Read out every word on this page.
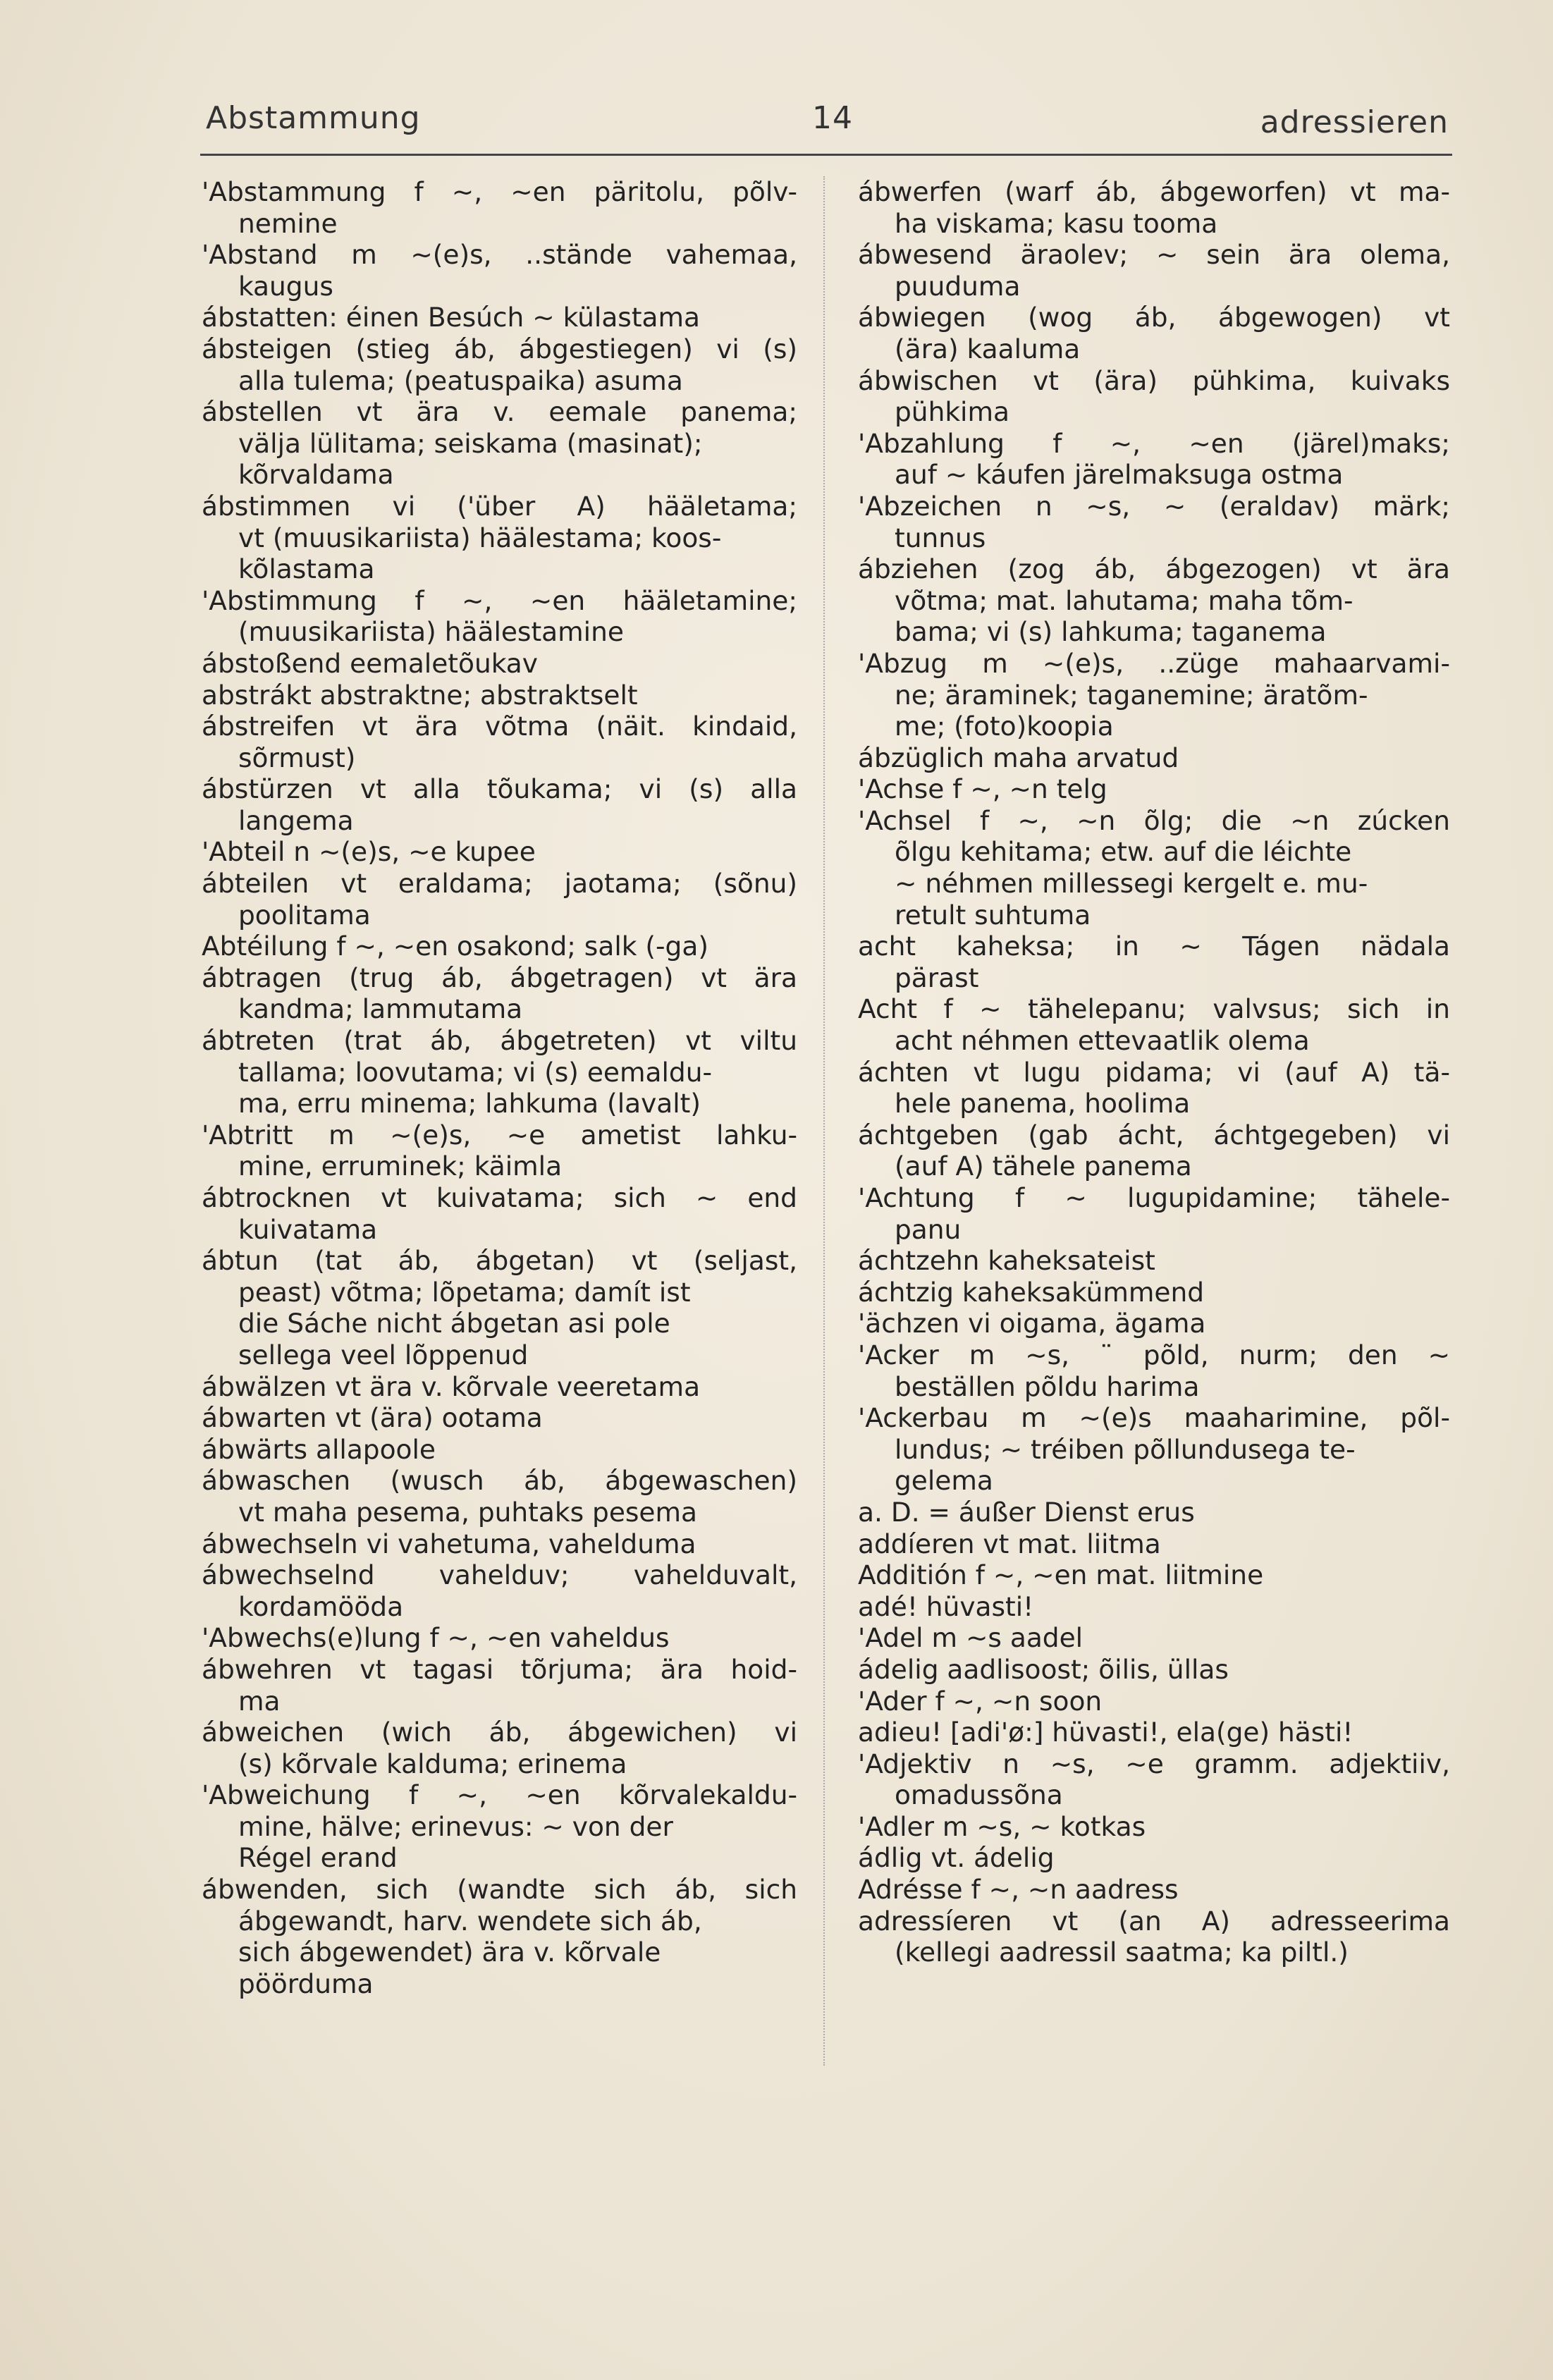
Abstammung	14	adressieren
'Abstammung f ~, ~en päritolu, põlv-
nemine
'Abstand m ~(e)s, ..stände vahemaa,
kaugus
ábstatten: éinen Besúch ~ külastama
ábsteigen (stieg áb, ábgestiegen) vi (s)
alla tulema; (peatuspaika) asuma
ábstellen vt ära v. eemale panema;
välja lülitama; seiskama (masinat);
kõrvaldama
ábstimmen vi ('über A) hääletama;
vt (muusikariista) häälestama; koos-
kõlastama
'Abstimmung f ~, ~en hääletamine;
(muusikariista) häälestamine
ábstoßend eemaletõukav
abstrákt abstraktne; abstraktselt
ábstreifen vt ära võtma (näit. kindaid,
sõrmust)
ábstürzen vt alla tõukama; vi (s) alla
langema
'Abteil n ~(e)s, ~e kupee
ábteilen vt eraldama; jaotama; (sõnu)
poolitama
Abtéilung f ~, ~en osakond; salk (-ga)
ábtragen (trug áb, ábgetragen) vt ära
kandma; lammutama
ábtreten (trat áb, ábgetreten) vt viltu
tallama; loovutama; vi (s) eemaldu-
ma, erru minema; lahkuma (lavalt)
'Abtritt m ~(e)s, ~e ametist lahku-
mine, erruminek; käimla
ábtrocknen vt kuivatama; sich ~ end
kuivatama
ábtun (tat áb, ábgetan) vt (seljast,
peast) võtma; lõpetama; damít ist
die Sáche nicht ábgetan asi pole
sellega veel lõppenud
ábwälzen vt ära v. kõrvale veeretama
ábwarten vt (ära) ootama
ábwärts allapoole
ábwaschen (wusch áb, ábgewaschen)
vt maha pesema, puhtaks pesema
ábwechseln vi vahetuma, vahelduma
ábwechselnd vahelduv; vahelduvalt,
kordamööda
'Abwechs(e)lung f ~, ~en vaheldus
ábwehren vt tagasi tõrjuma; ära hoid-
ma
ábweichen (wich áb, ábgewichen) vi
(s) kõrvale kalduma; erinema
'Abweichung f ~, ~en kõrvalekaldu-
mine, hälve; erinevus: ~ von der
Régel erand
ábwenden, sich (wandte sich áb, sich
ábgewandt, harv. wendete sich áb,
sich ábgewendet) ära v. kõrvale
pöörduma
ábwerfen (warf áb, ábgeworfen) vt ma-
ha viskama; kasu tooma
ábwesend äraolev; ~ sein ära olema,
puuduma
ábwiegen (wog áb, ábgewogen) vt
(ära) kaaluma
ábwischen vt (ära) pühkima, kuivaks
pühkima
'Abzahlung f ~, ~en (järel)maks;
auf ~ káufen järelmaksuga ostma
'Abzeichen n ~s, ~ (eraldav) märk;
tunnus
ábziehen (zog áb, ábgezogen) vt ära
võtma; mat. lahutama; maha tõm-
bama; vi (s) lahkuma; taganema
'Abzug m ~(e)s, ..züge mahaarvami-
ne; äraminek; taganemine; äratõm-
me; (foto)koopia
ábzüglich maha arvatud
'Achse f ~, ~n telg
'Achsel f ~, ~n õlg; die ~n zúcken
õlgu kehitama; etw. auf die léichte
~ néhmen millessegi kergelt e. mu-
retult suhtuma
acht kaheksa; in ~ Tágen nädala
pärast
Acht f ~ tähelepanu; valvsus; sich in
acht néhmen ettevaatlik olema
áchten vt lugu pidama; vi (auf A) tä-
hele panema, hoolima
áchtgeben (gab ácht, áchtgegeben) vi
(auf A) tähele panema
'Achtung f ~ lugupidamine; tähele-
panu
áchtzehn kaheksateist
áchtzig kaheksakümmend
'ächzen vi oigama, ägama
'Acker m ~s, ¨ põld, nurm; den ~
beställen põldu harima
'Ackerbau m ~(e)s maaharimine, põl-
lundus; ~ tréiben põllundusega te-
gelema
a. D. = áußer Dienst erus
addíeren vt mat. liitma
Additión f ~, ~en mat. liitmine
adé! hüvasti!
'Adel m ~s aadel
ádelig aadlisoost; õilis, üllas
'Ader f ~, ~n soon
adieu! [adi'ø:] hüvasti!, ela(ge) hästi!
'Adjektiv n ~s, ~e gramm. adjektiiv,
omadussõna
'Adler m ~s, ~ kotkas
ádlig vt. ádelig
Adrésse f ~, ~n aadress
adressíeren vt (an A) adresseerima
(kellegi aadressil saatma; ka piltl.)
